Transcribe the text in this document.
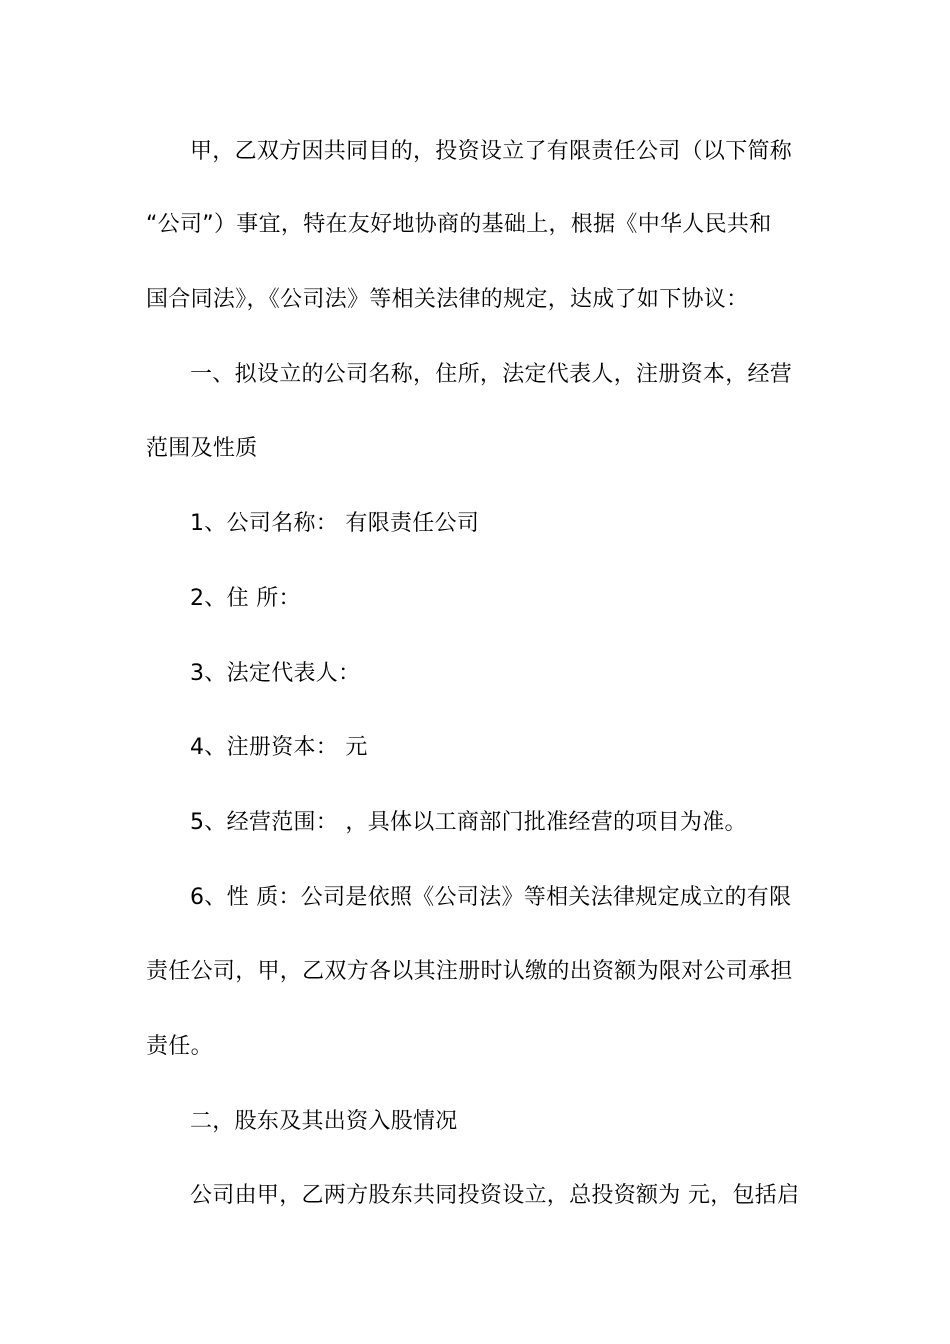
甲，乙双方因共同目的，投资设立了有限责任公司（以下简称
“公司”）事宜，特在友好地协商的基础上，根据《中华人民共和
国合同法》，《公司法》等相关法律的规定，达成了如下协议：
一、拟设立的公司名称，住所，法定代表人，注册资本，经营
范围及性质
1、公司名称： 有限责任公司
2、住 所：
3、法定代表人：
4、注册资本： 元
5、经营范围： ，具体以工商部门批准经营的项目为准。
6、性 质：公司是依照《公司法》等相关法律规定成立的有限
责任公司，甲，乙双方各以其注册时认缴的出资额为限对公司承担
责任。
二，股东及其出资入股情况
公司由甲，乙两方股东共同投资设立，总投资额为 元，包括启
